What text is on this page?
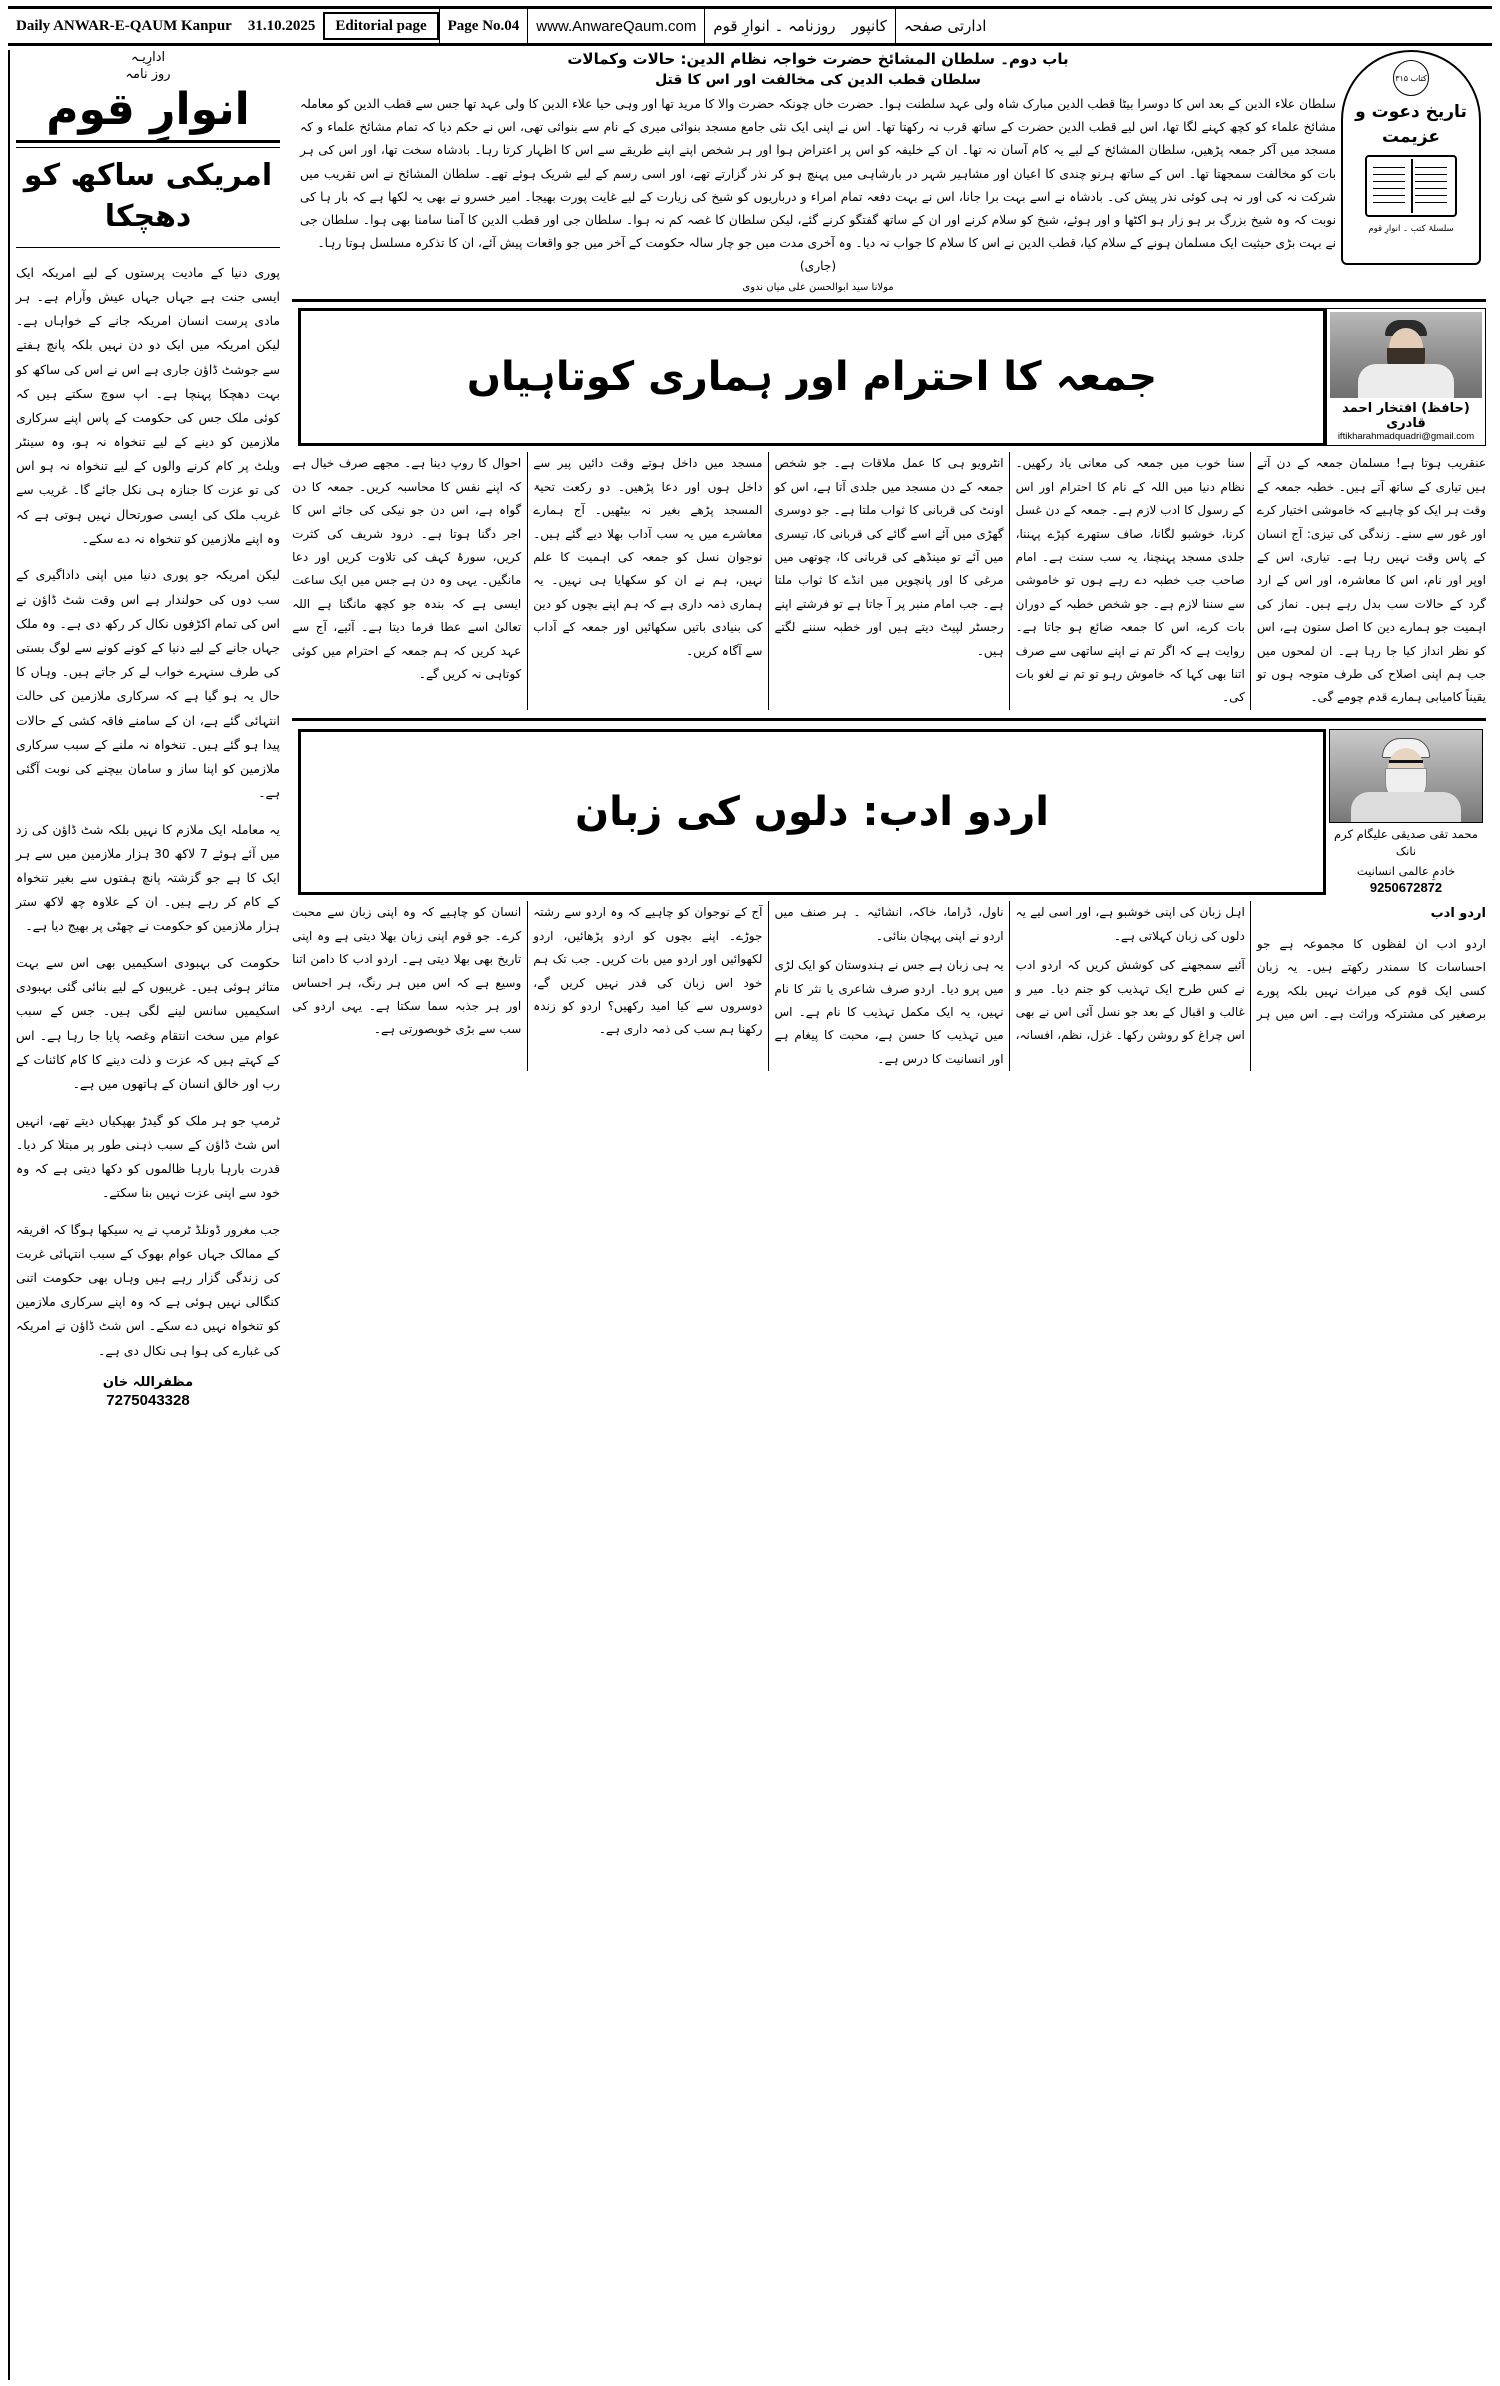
Daily ANWAR-E-QAUM Kanpur	31.10.2025	Editorial page	Page No.04	www.AnwareQaum.com	روزنامہ ۔ انوارِ قوم	کانپور	ادارتی صفحہ
باب دوم۔ سلطان المشائخ حضرت خواجہ نظام الدین: حالات وکمالات
سلطان قطب الدین کی مخالفت اور اس کا قتل
سلطان علاء الدین کے بعد اس کا دوسرا بیٹا قطب الدین مبارک شاہ ولی عہد سلطنت ہوا۔ حضرت خاں چونکہ حضرت والا کا مرید تھا اور وہی حیا علاء الدین کا ولی عہد تھا جس سے قطب الدین کو معاملہ مشائخ علماء کو کچھ کہنے لگا تھا، اس لیے قطب الدین حضرت کے ساتھ قرب نہ رکھتا تھا۔ اس نے اپنی ایک نئی جامع مسجد بنوائی میری کے نام سے بنوائی تھی، اس نے حکم دیا کہ تمام مشائخ علماء و کہ مسجد میں آکر جمعہ پڑھیں، سلطان المشائخ کے لیے یہ کام آسان نہ تھا۔ ان کے خلیفہ کو اس پر اعتراض ہوا اور ہر شخص اپنے اپنے طریقے سے اس کا اظہار کرتا رہا۔ بادشاہ سخت تھا، اور اس کی ہر بات کو مخالفت سمجھتا تھا۔ اس کے ساتھ ہرنو چندی کا اعیان اور مشاہیر شہر در بارشاہی میں پہنچ ہو کر نذر گزارتے تھے، اور اسی رسم کے لیے شریک ہوئے تھے۔ سلطان المشائخ نے اس تقریب میں شرکت نہ کی اور نہ ہی کوئی نذر پیش کی۔ بادشاہ نے اسے بہت برا جانا، اس نے بہت دفعہ تمام امراء و درباریوں کو شیخ کی زیارت کے لیے غایت پورت بھیجا۔ امیر خسرو نے بھی یہ لکھا ہے کہ بار ہا کی نوبت کہ وہ شیخ بزرگ بر ہو زار ہو اکٹھا و اور ہوئے، شیخ کو سلام کرنے اور ان کے ساتھ گفتگو کرنے گئے، لیکن سلطان کا غصہ کم نہ ہوا۔ سلطان جی اور قطب الدین کا آمنا سامنا بھی ہوا۔ سلطان جی نے بہت بڑی حیثیت ایک مسلمان ہونے کے سلام کیا، قطب الدین نے اس کا سلام کا جواب نہ دیا۔ وہ آخری مدت میں جو چار سالہ حکومت کے آخر میں جو واقعات پیش آئے، ان کا تذکرہ مسلسل ہوتا رہا۔
(جاری)
مولانا سید ابوالحسن علی میاں ندوی
کتاب ۳۱۵
تاریخ دعوت و عزیمت
سلسلۂ کتب ۔ انوارِ قوم
جمعہ کا احترام اور ہماری کوتاہیاں
(حافظ) افتخار احمد قادری
iftikharahmadquadri@gmail.com

عنقریب ہوتا ہے! مسلمان جمعہ کے دن آتے ہیں تیاری کے ساتھ آتے ہیں۔ خطبہ جمعہ کے وقت ہر ایک کو چاہیے کہ خاموشی اختیار کرے اور غور سے سنے۔ زندگی کی تیزی: آج انسان کے پاس وقت نہیں رہا ہے۔ تیاری، اس کے اوپر اور نام، اس کا معاشرہ، اور اس کے ارد گرد کے حالات سب بدل رہے ہیں۔ نماز کی اہمیت جو ہمارے دین کا اصل ستون ہے، اس کو نظر انداز کیا جا رہا ہے۔ ان لمحوں میں جب ہم اپنی اصلاح کی طرف متوجہ ہوں تو یقیناً کامیابی ہمارے قدم چومے گی۔

سنا خوب میں جمعہ کی معانی یاد رکھیں۔ نظام دنیا میں اللہ کے نام کا احترام اور اس کے رسول کا ادب لازم ہے۔ جمعہ کے دن غسل کرنا، خوشبو لگانا، صاف ستھرے کپڑے پہننا، جلدی مسجد پہنچنا، یہ سب سنت ہے۔ امام صاحب جب خطبہ دے رہے ہوں تو خاموشی سے سننا لازم ہے۔ جو شخص خطبہ کے دوران بات کرے، اس کا جمعہ ضائع ہو جاتا ہے۔ روایت ہے کہ اگر تم نے اپنے ساتھی سے صرف اتنا بھی کہا کہ خاموش رہو تو تم نے لغو بات کی۔

انٹرویو ہی کا عمل ملاقات ہے۔ جو شخص جمعہ کے دن مسجد میں جلدی آتا ہے، اس کو اونٹ کی قربانی کا ثواب ملتا ہے۔ جو دوسری گھڑی میں آئے اسے گائے کی قربانی کا، تیسری میں آئے تو مینڈھے کی قربانی کا، چوتھی میں مرغی کا اور پانچویں میں انڈے کا ثواب ملتا ہے۔ جب امام منبر پر آ جاتا ہے تو فرشتے اپنے رجسٹر لپیٹ دیتے ہیں اور خطبہ سننے لگتے ہیں۔

مسجد میں داخل ہوتے وقت دائیں پیر سے داخل ہوں اور دعا پڑھیں۔ دو رکعت تحیۃ المسجد پڑھے بغیر نہ بیٹھیں۔ آج ہمارے معاشرے میں یہ سب آداب بھلا دیے گئے ہیں۔ نوجوان نسل کو جمعہ کی اہمیت کا علم نہیں، ہم نے ان کو سکھایا ہی نہیں۔ یہ ہماری ذمہ داری ہے کہ ہم اپنے بچوں کو دین کی بنیادی باتیں سکھائیں اور جمعہ کے آداب سے آگاہ کریں۔

احوال کا روپ دینا ہے۔ مجھے صرف خیال ہے کہ اپنے نفس کا محاسبہ کریں۔ جمعہ کا دن گواہ ہے، اس دن جو نیکی کی جائے اس کا اجر دگنا ہوتا ہے۔ درود شریف کی کثرت کریں، سورۂ کہف کی تلاوت کریں اور دعا مانگیں۔ یہی وہ دن ہے جس میں ایک ساعت ایسی ہے کہ بندہ جو کچھ مانگتا ہے اللہ تعالیٰ اسے عطا فرما دیتا ہے۔ آئیے، آج سے عہد کریں کہ ہم جمعہ کے احترام میں کوئی کوتاہی نہ کریں گے۔

اردو ادب: دلوں کی زبان	محمد تقی صدیقی علیگام کرم نانک
خادمِ عالمی انسانیت
9250672872

اردو ادب

اردو ادب ان لفظوں کا مجموعہ ہے جو احساسات کا سمندر رکھتے ہیں۔ یہ زبان کسی ایک قوم کی میراث نہیں بلکہ پورے برصغیر کی مشترکہ وراثت ہے۔ اس میں ہر اہل زبان کی اپنی خوشبو ہے، اور اسی لیے یہ دلوں کی زبان کہلاتی ہے۔

آئیے سمجھنے کی کوشش کریں کہ اردو ادب نے کس طرح ایک تہذیب کو جنم دیا۔ میر و غالب و اقبال کے بعد جو نسل آئی اس نے بھی اس چراغ کو روشن رکھا۔ غزل، نظم، افسانہ، ناول، ڈراما، خاکہ، انشائیہ ۔ ہر صنف میں اردو نے اپنی پہچان بنائی۔

یہ ہی زبان ہے جس نے ہندوستان کو ایک لڑی میں پرو دیا۔ اردو صرف شاعری یا نثر کا نام نہیں، یہ ایک مکمل تہذیب کا نام ہے۔ اس میں تہذیب کا حسن ہے، محبت کا پیغام ہے اور انسانیت کا درس ہے۔

آج کے نوجوان کو چاہیے کہ وہ اردو سے رشتہ جوڑے۔ اپنے بچوں کو اردو پڑھائیں، اردو لکھوائیں اور اردو میں بات کریں۔ جب تک ہم خود اس زبان کی قدر نہیں کریں گے، دوسروں سے کیا امید رکھیں؟ اردو کو زندہ رکھنا ہم سب کی ذمہ داری ہے۔

انسان کو چاہیے کہ وہ اپنی زبان سے محبت کرے۔ جو قوم اپنی زبان بھلا دیتی ہے وہ اپنی تاریخ بھی بھلا دیتی ہے۔ اردو ادب کا دامن اتنا وسیع ہے کہ اس میں ہر رنگ، ہر احساس اور ہر جذبہ سما سکتا ہے۔ یہی اردو کی سب سے بڑی خوبصورتی ہے۔

ادارِیـہ
روز نامہ
انوارِ قوم
امریکی ساکھ کو دھچکا

پوری دنیا کے مادیت پرستوں کے لیے امریکہ ایک ایسی جنت ہے جہاں جہاں عیش وآرام ہے۔ ہر مادی پرست انسان امریکہ جانے کے خواہاں ہے۔ لیکن امریکہ میں ایک دو دن نہیں بلکہ پانچ ہفتے سے جوشٹ ڈاؤن جاری ہے اس نے اس کی ساکھ کو بہت دھچکا پہنچا ہے۔ اپ سوچ سکتے ہیں کہ کوئی ملک جس کی حکومت کے پاس اپنے سرکاری ملازمین کو دینے کے لیے تنخواہ نہ ہو، وہ سینٹر ویلٹ پر کام کرنے والوں کے لیے تنخواہ نہ ہو اس کی تو عزت کا جنازہ ہی نکل جائے گا۔ غریب سے غریب ملک کی ایسی صورتحال نہیں ہوتی ہے کہ وہ اپنے ملازمین کو تنخواہ نہ دے سکے۔

لیکن امریکہ جو پوری دنیا میں اپنی داداگیری کے سب دوں کی حولندار ہے اس وقت شٹ ڈاؤن نے اس کی تمام اکڑفوں نکال کر رکھ دی ہے۔ وہ ملک جہاں جانے کے لیے دنیا کے کونے کونے سے لوگ بستی کی طرف سنہرے خواب لے کر جاتے ہیں۔ وہاں کا حال یہ ہو گیا ہے کہ سرکاری ملازمین کی حالت انتہائی گئے ہے، ان کے سامنے فاقہ کشی کے حالات پیدا ہو گئے ہیں۔ تنخواہ نہ ملنے کے سبب سرکاری ملازمین کو اپنا ساز و سامان بیچنے کی نوبت آگئی ہے۔

یہ معاملہ ایک ملازم کا نہیں بلکہ شٹ ڈاؤن کی زد میں آئے ہوئے 7 لاکھ 30 ہزار ملازمین میں سے ہر ایک کا ہے جو گزشتہ پانچ ہفتوں سے بغیر تنخواہ کے کام کر رہے ہیں۔ ان کے علاوہ چھ لاکھ ستر ہزار ملازمین کو حکومت نے چھٹی پر بھیج دیا ہے۔

حکومت کی بہبودی اسکیمیں بھی اس سے بہت متاثر ہوئی ہیں۔ غریبوں کے لیے بنائی گئی بہبودی اسکیمیں سانس لینے لگی ہیں۔ جس کے سبب عوام میں سخت انتقام وغصہ پایا جا رہا ہے۔ اس کے کہتے ہیں کہ عزت و ذلت دینے کا کام کائنات کے رب اور خالق انسان کے ہاتھوں میں ہے۔

ٹرمپ جو ہر ملک کو گیدڑ بھپکیاں دیتے تھے، انہیں اس شٹ ڈاؤن کے سبب ذہنی طور پر مبتلا کر دیا۔ قدرت بارہا بارہا ظالموں کو دکھا دیتی ہے کہ وہ خود سے اپنی عزت نہیں بنا سکتے۔

جب مغرور ڈونلڈ ٹرمپ نے یہ سیکھا ہوگا کہ افریقہ کے ممالک جہاں عوام بھوک کے سبب انتہائی غربت کی زندگی گزار رہے ہیں وہاں بھی حکومت اتنی کنگالی نہیں ہوئی ہے کہ وہ اپنے سرکاری ملازمین کو تنخواہ نہیں دے سکے۔ اس شٹ ڈاؤن نے امریکہ کی غبارے کی ہوا ہی نکال دی ہے۔

مظفراللہ خان
7275043328
